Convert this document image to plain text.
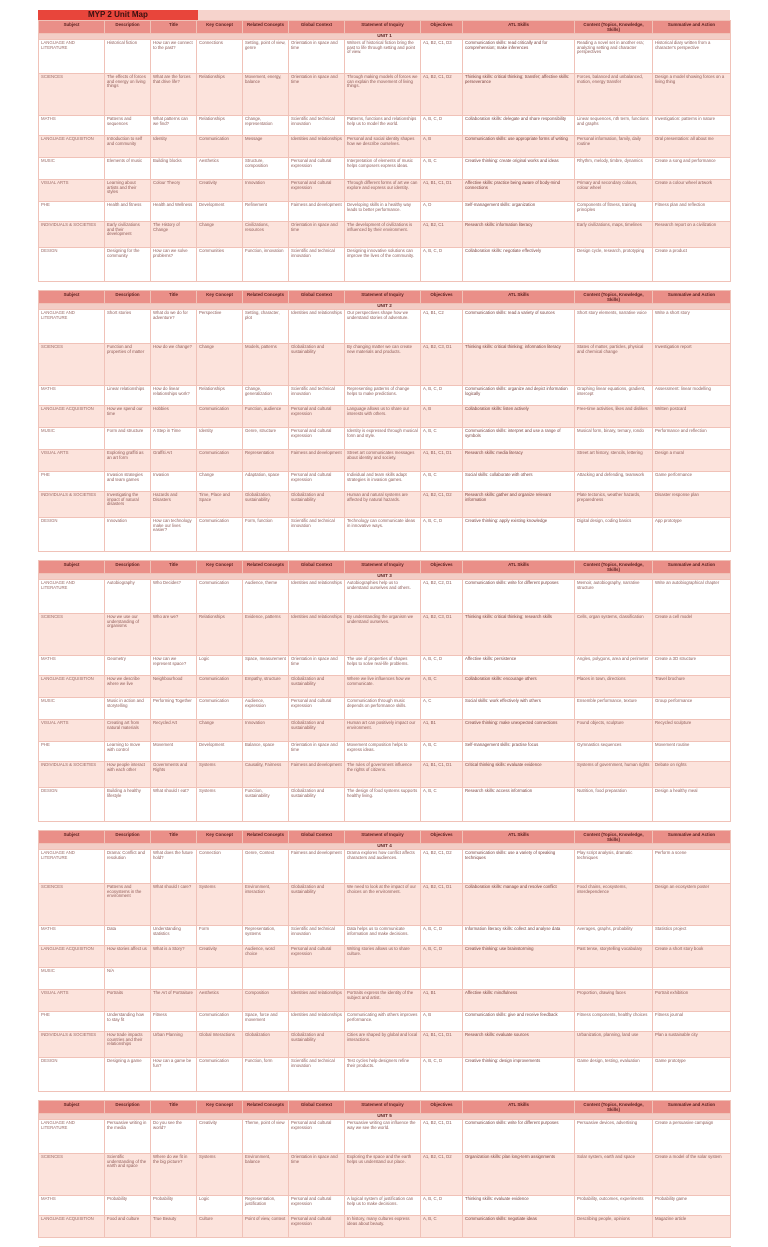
MYP 2 Unit Map
Subject	Description	Title	Key Concept	Related Concepts	Global Context	Statement of Inquiry	Objectives	ATL Skills	Content (Topics, Knowledge, Skills)	Summative and Action
UNIT 1										
LANGUAGE AND LITERATURE	Historical fiction	How can we connect to the past?	Connections	Setting, point of view, genre	Orientation in space and time	Writers of historical fiction bring the past to life through setting and point of view.	A1, B2, C1, D3	Communication skills: read critically and for comprehension; make inferences	Reading a novel set in another era; analyzing setting and character perspectives	Historical diary written from a character's perspective
SCIENCES	The effects of forces and energy on living things	What are the forces that drive life?	Relationships	Movement, energy, balance	Orientation in space and time	Through making models of forces we can explain the movement of living things.	A1, B2, C1, D2	Thinking skills: critical thinking; transfer; affective skills: perseverance	Forces, balanced and unbalanced, motion, energy transfer	Design a model showing forces on a living thing
MATHS	Patterns and sequences	What patterns can we find?	Relationships	Change, representation	Scientific and technical innovation	Patterns, functions and relationships help us to model the world.	A, B, C, D	Collaboration skills: delegate and share responsibility	Linear sequences, nth term, functions and graphs	Investigation: patterns in nature
LANGUAGE ACQUISITION	Introduction to self and community	Identity	Communication	Message	Identities and relationships	Personal and social identity shapes how we describe ourselves.	A, B	Communication skills: use appropriate forms of writing	Personal information, family, daily routine	Oral presentation: all about me
MUSIC	Elements of music	Building blocks	Aesthetics	Structure, composition	Personal and cultural expression	Interpretation of elements of music helps composers express ideas.	A, B, C	Creative thinking: create original works and ideas	Rhythm, melody, timbre, dynamics	Create a song and performance
VISUAL ARTS	Learning about artists and their styles	Colour Theory	Creativity	Innovation	Personal and cultural expression	Through different forms of art we can explore and express our identity.	A1, B1, C1, D1	Affective skills: practice being aware of body-mind connections	Primary and secondary colours, colour wheel	Create a colour wheel artwork
PHE	Health and fitness	Health and Wellness	Development	Refinement	Fairness and development	Developing skills in a healthy way leads to better performance.	A, D	Self-management skills: organization	Components of fitness, training principles	Fitness plan and reflection
INDIVIDUALS & SOCIETIES	Early civilizations and their development	The History of Change	Change	Civilizations, resources	Orientation in space and time	The development of civilizations is influenced by their environment.	A1, B2, C1	Research skills: information literacy	Early civilizations, maps, timelines	Research report on a civilization
DESIGN	Designing for the community	How can we solve problems?	Communities	Function, innovation	Scientific and technical innovation	Designing innovative solutions can improve the lives of the community.	A, B, C, D	Collaboration skills: negotiate effectively	Design cycle, research, prototyping	Create a product

Subject	Description	Title	Key Concept	Related Concepts	Global Context	Statement of Inquiry	Objectives	ATL Skills	Content (Topics, Knowledge, Skills)	Summative and Action
UNIT 2										
LANGUAGE AND LITERATURE	Short stories	What do we do for adventure?	Perspective	Setting, character, plot	Identities and relationships	Our perspectives shape how we understand stories of adventure.	A1, B1, C2	Communication skills: read a variety of sources	Short story elements, narrative voice	Write a short story
SCIENCES	Function and properties of matter	How do we change?	Change	Models, patterns	Globalization and sustainability	By changing matter we can create new materials and products.	A1, B2, C3, D1	Thinking skills: critical thinking; information literacy	States of matter, particles, physical and chemical change	Investigation report
MATHS	Linear relationships	How do linear relationships work?	Relationships	Change, generalization	Scientific and technical innovation	Representing patterns of change helps to make predictions.	A, B, C, D	Communication skills: organize and depict information logically	Graphing linear equations, gradient, intercept	Assessment: linear modelling
LANGUAGE ACQUISITION	How we spend our time	Hobbies	Communication	Function, audience	Personal and cultural expression	Language allows us to share our interests with others.	A, B	Collaboration skills: listen actively	Free-time activities, likes and dislikes	Written postcard
MUSIC	Form and structure	A Step in Time	Identity	Genre, structure	Personal and cultural expression	Identity is expressed through musical form and style.	A, B, C	Communication skills: interpret and use a range of symbols	Musical form, binary, ternary, rondo	Performance and reflection
VISUAL ARTS	Exploring graffiti as an art form	Graffiti Art	Communication	Representation	Fairness and development	Street art communicates messages about identity and society.	A1, B1, C1, D1	Research skills: media literacy	Street art history, stencils, lettering	Design a mural
PHE	Invasion strategies and team games	Invasion	Change	Adaptation, space	Personal and cultural expression	Individual and team skills adapt strategies in invasion games.	A, B, C	Social skills: collaborate with others	Attacking and defending, teamwork	Game performance
INDIVIDUALS & SOCIETIES	Investigating the impact of natural disasters	Hazards and Disasters	Time, Place and Space	Globalization, sustainability	Globalization and sustainability	Human and natural systems are affected by natural hazards.	A1, B2, C1, D2	Research skills: gather and organize relevant information	Plate tectonics, weather hazards, preparedness	Disaster response plan
DESIGN	Innovation	How can technology make our lives easier?	Communication	Form, function	Scientific and technical innovation	Technology can communicate ideas in innovative ways.	A, B, C, D	Creative thinking: apply existing knowledge	Digital design, coding basics	App prototype

Subject	Description	Title	Key Concept	Related Concepts	Global Context	Statement of Inquiry	Objectives	ATL Skills	Content (Topics, Knowledge, Skills)	Summative and Action
UNIT 3										
LANGUAGE AND LITERATURE	Autobiography	Who Decides?	Communication	Audience, theme	Identities and relationships	Autobiographies help us to understand ourselves and others.	A1, B2, C2, D1	Communication skills: write for different purposes	Memoir, autobiography, narrative structure	Write an autobiographical chapter
SCIENCES	How we use our understanding of organisms	Who are we?	Relationships	Evidence, patterns	Identities and relationships	By understanding the organism we understand ourselves.	A1, B2, C3, D1	Thinking skills: critical thinking; research skills	Cells, organ systems, classification	Create a cell model
MATHS	Geometry	How can we represent space?	Logic	Space, measurement	Orientation in space and time	The use of properties of shapes helps to solve real-life problems.	A, B, C, D	Affective skills: persistence	Angles, polygons, area and perimeter	Create a 3D structure
LANGUAGE ACQUISITION	How we describe where we live	Neighbourhood	Communication	Empathy, structure	Globalization and sustainability	Where we live influences how we communicate.	A, B, C	Collaboration skills: encourage others	Places in town, directions	Travel brochure
MUSIC	Music in action and storytelling	Performing Together	Communication	Audience, expression	Personal and cultural expression	Communication through music depends on performance skills.	A, C	Social skills: work effectively with others	Ensemble performance, texture	Group performance
VISUAL ARTS	Creating art from natural materials	Recycled Art	Change	Innovation	Globalization and sustainability	Human art can positively impact our environment.	A1, B1	Creative thinking: make unexpected connections	Found objects, sculpture	Recycled sculpture
PHE	Learning to move with control	Movement	Development	Balance, space	Orientation in space and time	Movement composition helps to express ideas.	A, B, C	Self-management skills: practise focus	Gymnastics sequences	Movement routine
INDIVIDUALS & SOCIETIES	How people interact with each other	Governments and Rights	Systems	Causality, Fairness	Fairness and development	The rules of government influence the rights of citizens.	A1, B1, C1, D1	Critical thinking skills: evaluate evidence	Systems of government, human rights	Debate on rights
DESIGN	Building a healthy lifestyle	What should I eat?	Systems	Function, sustainability	Globalization and sustainability	The design of food systems supports healthy living.	A, B, C	Research skills: access information	Nutrition, food preparation	Design a healthy meal

Subject	Description	Title	Key Concept	Related Concepts	Global Context	Statement of Inquiry	Objectives	ATL Skills	Content (Topics, Knowledge, Skills)	Summative and Action
UNIT 4										
LANGUAGE AND LITERATURE	Drama: Conflict and resolution	What does the future hold?	Connection	Genre, Context	Fairness and development	Drama explores how conflict affects characters and audiences.	A1, B2, C1, D2	Communication skills: use a variety of speaking techniques	Play script analysis, dramatic techniques	Perform a scene
SCIENCES	Patterns and ecosystems in the environment	What should I care?	Systems	Environment, interaction	Globalization and sustainability	We need to look at the impact of our choices on the environment.	A1, B2, C1, D1	Collaboration skills: manage and resolve conflict	Food chains, ecosystems, interdependence	Design an ecosystem poster
MATHS	Data	Understanding statistics	Form	Representation, systems	Scientific and technical innovation	Data helps us to communicate information and make decisions.	A, B, C, D	Information literacy skills: collect and analyse data	Averages, graphs, probability	Statistics project
LANGUAGE ACQUISITION	How stories affect us	What is a Story?	Creativity	Audience, word choice	Personal and cultural expression	Writing stories allows us to share culture.	A, B, C, D	Creative thinking: use brainstorming	Past tense, storytelling vocabulary	Create a short story book
MUSIC	N/A									
VISUAL ARTS	Portraits	The Art of Portraiture	Aesthetics	Composition	Identities and relationships	Portraits express the identity of the subject and artist.	A1, B1	Affective skills: mindfulness	Proportion, drawing faces	Portrait exhibition
PHE	Understanding how to stay fit	Fitness	Communication	Space, force and movement	Identities and relationships	Communicating with others improves performance.	A, B	Communication skills: give and receive feedback	Fitness components, healthy choices	Fitness journal
INDIVIDUALS & SOCIETIES	How trade impacts countries and their relationships	Urban Planning	Global Interactions	Globalization	Globalization and sustainability	Cities are shaped by global and local interactions.	A1, B1, C1, D1	Research skills: evaluate sources	Urbanization, planning, land use	Plan a sustainable city
DESIGN	Designing a game	How can a game be fun?	Communication	Function, form	Scientific and technical innovation	Test cycles help designers refine their products.	A, B, C, D	Creative thinking: design improvements	Game design, testing, evaluation	Game prototype

Subject	Description	Title	Key Concept	Related Concepts	Global Context	Statement of Inquiry	Objectives	ATL Skills	Content (Topics, Knowledge, Skills)	Summative and Action
UNIT 5										
LANGUAGE AND LITERATURE	Persuasive writing in the media	Do you see the world?	Creativity	Theme, point of view	Personal and cultural expression	Persuasive writing can influence the way we see the world.	A1, B2, C1, D1	Communication skills: write for different purposes	Persuasive devices, advertising	Create a persuasive campaign
SCIENCES	Scientific understanding of the earth and space	Where do we fit in the big picture?	Systems	Environment, balance	Orientation in space and time	Exploring the space and the earth helps us understand our place.	A1, B2, C1, D2	Organization skills: plan long-term assignments	Solar system, earth and space	Create a model of the solar system
MATHS	Probability	Probability	Logic	Representation, justification	Personal and cultural expression	A logical system of justification can help us to make decisions.	A, B, C, D	Thinking skills: evaluate evidence	Probability, outcomes, experiments	Probability game
LANGUAGE ACQUISITION	Food and culture	True Beauty	Culture	Point of view, context	Personal and cultural expression	In history, many cultures express ideas about beauty.	A, B, C	Communication skills: negotiate ideas	Describing people, opinions	Magazine article
